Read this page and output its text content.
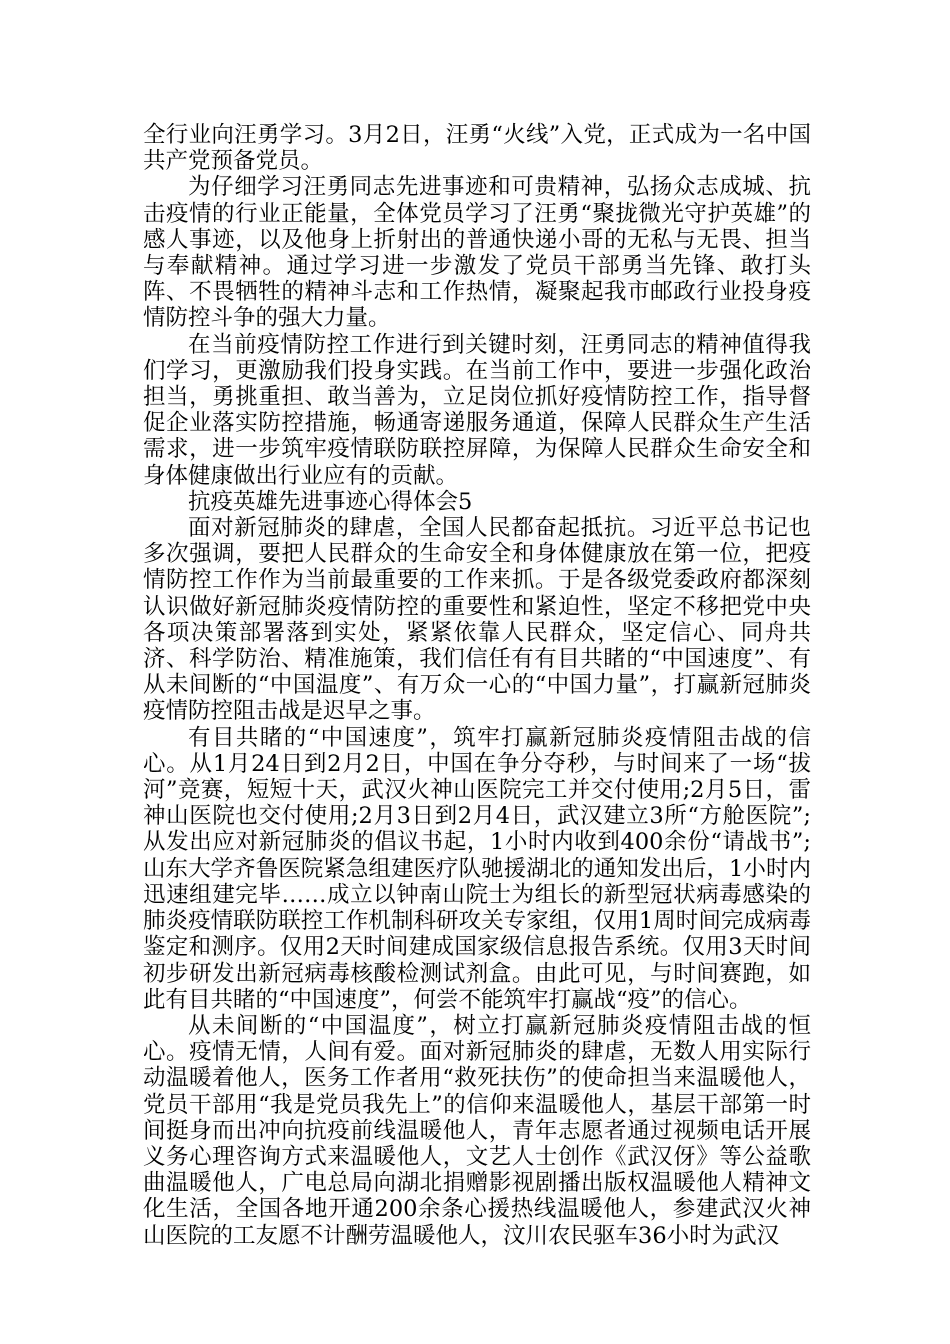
全行业向汪勇学习。3月2日，汪勇“火线”入党，正式成为一名中国共产党预备党员。

为仔细学习汪勇同志先进事迹和可贵精神，弘扬众志成城、抗击疫情的行业正能量，全体党员学习了汪勇“聚拢微光守护英雄”的感人事迹，以及他身上折射出的普通快递小哥的无私与无畏、担当与奉献精神。通过学习进一步激发了党员干部勇当先锋、敢打头阵、不畏牺牲的精神斗志和工作热情，凝聚起我市邮政行业投身疫情防控斗争的强大力量。

在当前疫情防控工作进行到关键时刻，汪勇同志的精神值得我们学习，更激励我们投身实践。在当前工作中，要进一步强化政治担当，勇挑重担、敢当善为，立足岗位抓好疫情防控工作，指导督促企业落实防控措施，畅通寄递服务通道，保障人民群众生产生活需求，进一步筑牢疫情联防联控屏障，为保障人民群众生命安全和身体健康做出行业应有的贡献。

抗疫英雄先进事迹心得体会5

面对新冠肺炎的肆虐，全国人民都奋起抵抗。习近平总书记也多次强调，要把人民群众的生命安全和身体健康放在第一位，把疫情防控工作作为当前最重要的工作来抓。于是各级党委政府都深刻认识做好新冠肺炎疫情防控的重要性和紧迫性，坚定不移把党中央各项决策部署落到实处，紧紧依靠人民群众，坚定信心、同舟共济、科学防治、精准施策，我们信任有有目共睹的“中国速度”、有从未间断的“中国温度”、有万众一心的“中国力量”，打赢新冠肺炎疫情防控阻击战是迟早之事。

有目共睹的“中国速度”，筑牢打赢新冠肺炎疫情阻击战的信心。从1月24日到2月2日，中国在争分夺秒，与时间来了一场“拔河”竞赛，短短十天，武汉火神山医院完工并交付使用;2月5日，雷神山医院也交付使用;2月3日到2月4日，武汉建立3所“方舱医院”;从发出应对新冠肺炎的倡议书起，1小时内收到400余份“请战书”;山东大学齐鲁医院紧急组建医疗队驰援湖北的通知发出后，1小时内迅速组建完毕……成立以钟南山院士为组长的新型冠状病毒感染的肺炎疫情联防联控工作机制科研攻关专家组，仅用1周时间完成病毒鉴定和测序。仅用2天时间建成国家级信息报告系统。仅用3天时间初步研发出新冠病毒核酸检测试剂盒。由此可见，与时间赛跑，如此有目共睹的“中国速度”，何尝不能筑牢打赢战“疫”的信心。

从未间断的“中国温度”，树立打赢新冠肺炎疫情阻击战的恒心。疫情无情，人间有爱。面对新冠肺炎的肆虐，无数人用实际行动温暖着他人，医务工作者用“救死扶伤”的使命担当来温暖他人，党员干部用“我是党员我先上”的信仰来温暖他人，基层干部第一时间挺身而出冲向抗疫前线温暖他人，青年志愿者通过视频电话开展义务心理咨询方式来温暖他人，文艺人士创作《武汉伢》等公益歌曲温暖他人，广电总局向湖北捐赠影视剧播出版权温暖他人精神文化生活，全国各地开通200余条心援热线温暖他人，参建武汉火神山医院的工友愿不计酬劳温暖他人，汶川农民驱车36小时为武汉
